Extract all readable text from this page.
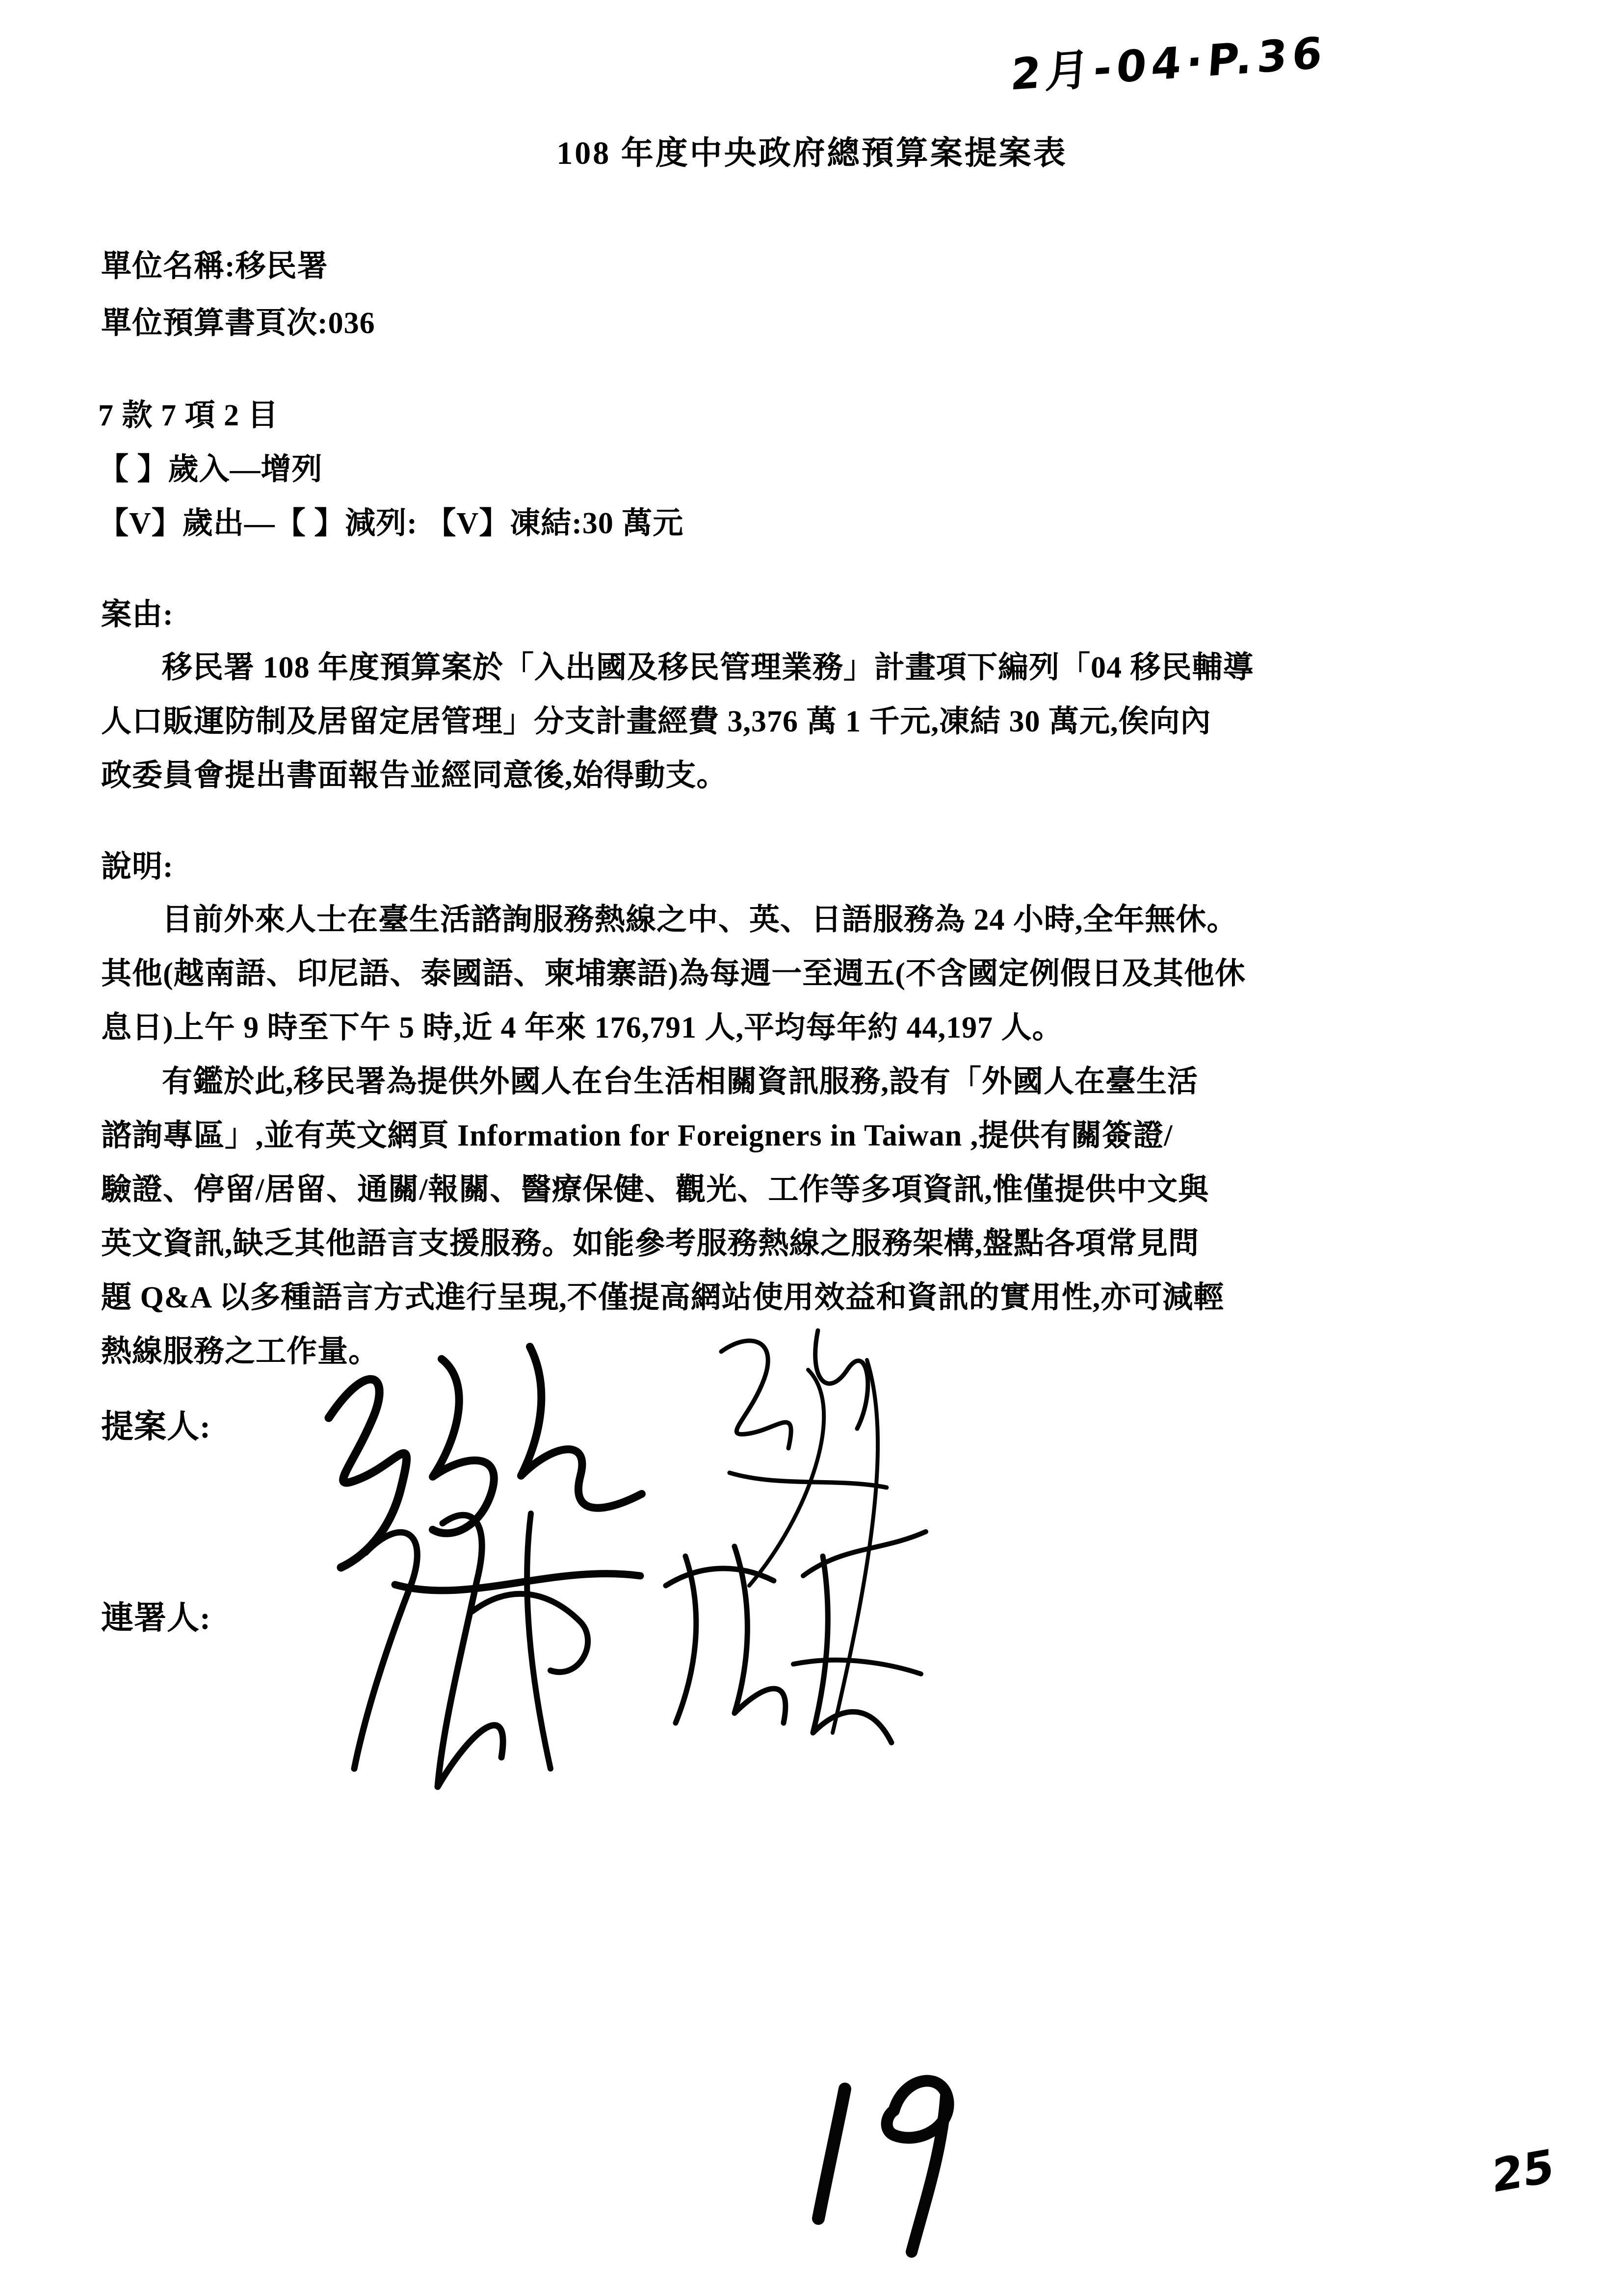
2月-04·P.36
108 年度中央政府總預算案提案表
單位名稱:移民署
單位預算書頁次:036
7 款 7 項 2 目
【 】歲入—增列
【V】歲出—【 】減列: 【V】凍結:30 萬元
案由:
移民署 108 年度預算案於「入出國及移民管理業務」計畫項下編列「04 移民輔導
人口販運防制及居留定居管理」分支計畫經費 3,376 萬 1 千元,凍結 30 萬元,俟向內
政委員會提出書面報告並經同意後,始得動支。
說明:
目前外來人士在臺生活諮詢服務熱線之中、英、日語服務為 24 小時,全年無休。
其他(越南語、印尼語、泰國語、柬埔寨語)為每週一至週五(不含國定例假日及其他休
息日)上午 9 時至下午 5 時,近 4 年來 176,791 人,平均每年約 44,197 人。
有鑑於此,移民署為提供外國人在台生活相關資訊服務,設有「外國人在臺生活
諮詢專區」,並有英文網頁 Information for Foreigners in Taiwan ,提供有關簽證/
驗證、停留/居留、通關/報關、醫療保健、觀光、工作等多項資訊,惟僅提供中文與
英文資訊,缺乏其他語言支援服務。如能參考服務熱線之服務架構,盤點各項常見問
題 Q&A 以多種語言方式進行呈現,不僅提高網站使用效益和資訊的實用性,亦可減輕
熱線服務之工作量。
提案人:
連署人:
25
